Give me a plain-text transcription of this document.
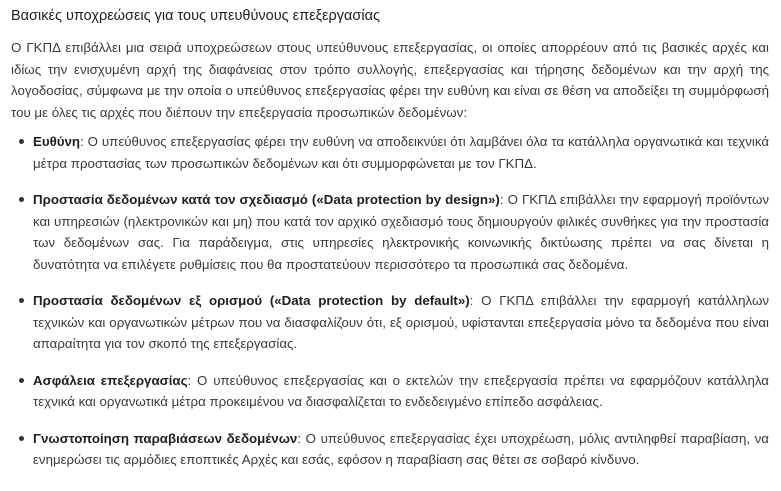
Βασικές υποχρεώσεις για τους υπευθύνους επεξεργασίας

Ο ΓΚΠΔ επιβάλλει μια σειρά υποχρεώσεων στους υπεύθυνους επεξεργασίας, οι οποίες απορρέουν από τις βασικές αρχές και ιδίως την ενισχυμένη αρχή της διαφάνειας στον τρόπο συλλογής, επεξεργασίας και τήρησης δεδομένων και την αρχή της λογοδοσίας, σύμφωνα με την οποία ο υπεύθυνος επεξεργασίας φέρει την ευθύνη και είναι σε θέση να αποδείξει τη συμμόρφωσή του με όλες τις αρχές που διέπουν την επεξεργασία προσωπικών δεδομένων:

Ευθύνη: Ο υπεύθυνος επεξεργασίας φέρει την ευθύνη να αποδεικνύει ότι λαμβάνει όλα τα κατάλληλα οργανωτικά και τεχνικά μέτρα προστασίας των προσωπικών δεδομένων και ότι συμμορφώνεται με τον ΓΚΠΔ.
Προστασία δεδομένων κατά τον σχεδιασμό («Data protection by design»): Ο ΓΚΠΔ επιβάλλει την εφαρμογή προϊόντων και υπηρεσιών (ηλεκτρονικών και μη) που κατά τον αρχικό σχεδιασμό τους δημιουργούν φιλικές συνθήκες για την προστασία των δεδομένων σας. Για παράδειγμα, στις υπηρεσίες ηλεκτρονικής κοινωνικής δικτύωσης πρέπει να σας δίνεται η δυνατότητα να επιλέγετε ρυθμίσεις που θα προστατεύουν περισσότερο τα προσωπικά σας δεδομένα.
Προστασία δεδομένων εξ ορισμού («Data protection by default»): Ο ΓΚΠΔ επιβάλλει την εφαρμογή κατάλληλων τεχνικών και οργανωτικών μέτρων που να διασφαλίζουν ότι, εξ ορισμού, υφίστανται επεξεργασία μόνο τα δεδομένα που είναι απαραίτητα για τον σκοπό της επεξεργασίας.
Ασφάλεια επεξεργασίας: Ο υπεύθυνος επεξεργασίας και ο εκτελών την επεξεργασία πρέπει να εφαρμόζουν κατάλληλα τεχνικά και οργανωτικά μέτρα προκειμένου να διασφαλίζεται το ενδεδειγμένο επίπεδο ασφάλειας.
Γνωστοποίηση παραβιάσεων δεδομένων: Ο υπεύθυνος επεξεργασίας έχει υποχρέωση, μόλις αντιληφθεί παραβίαση, να ενημερώσει τις αρμόδιες εποπτικές Αρχές και εσάς, εφόσον η παραβίαση σας θέτει σε σοβαρό κίνδυνο.
